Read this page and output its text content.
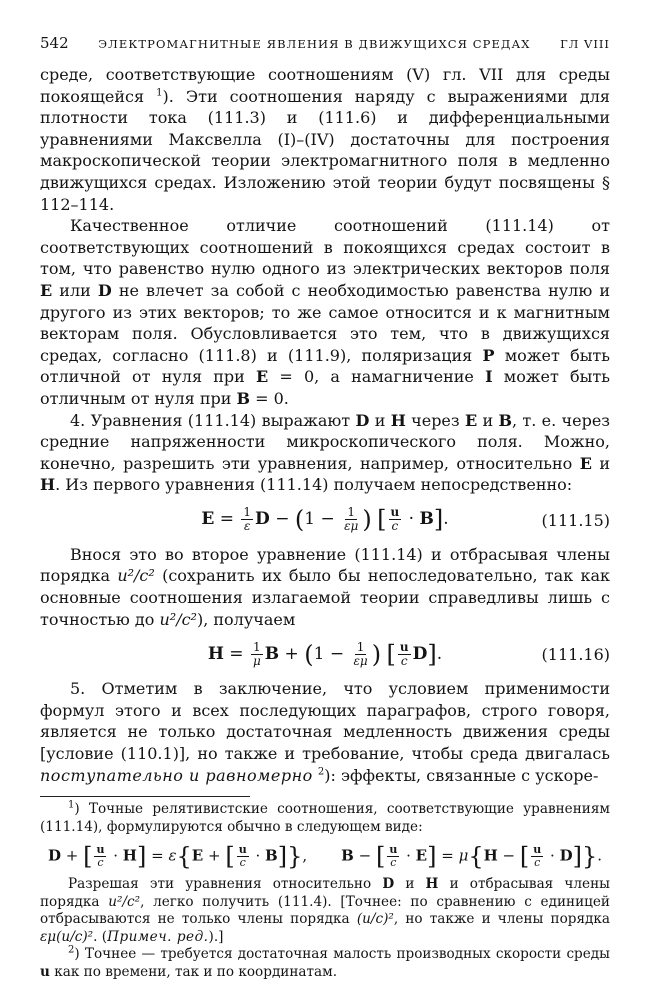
542	ЭЛЕКТРОМАГНИТНЫЕ ЯВЛЕНИЯ В ДВИЖУЩИХСЯ СРЕДАХ	ГЛ VIII

среде, соответствующие соотношениям (V) гл. VII для среды покоящейся $^1$). Эти соотношения наряду с выражениями для плотности тока (111.3) и (111.6) и дифференциальными уравнениями Максвелла (I)–(IV) достаточны для построения макроскопической теории электромагнитного поля в медленно движущихся средах. Изложению этой теории будут посвящены § 112–114.

Качественное отличие соотношений (111.14) от соответствующих соотношений в покоящихся средах состоит в том, что равенство нулю одного из электрических векторов поля E или D не влечет за собой с необходимостью равенства нулю и другого из этих векторов; то же самое относится и к магнитным векторам поля. Обусловливается это тем, что в движущихся средах, согласно (111.8) и (111.9), поляризация P может быть отличной от нуля при E = 0, а намагничение I может быть отличным от нуля при B = 0.

4. Уравнения (111.14) выражают D и H через E и B, т. е. через средние напряженности микроскопического поля. Можно, конечно, разрешить эти уравнения, например, относительно E и H. Из первого уравнения (111.14) получаем непосредственно:

$E = \frac{1}{\varepsilon}$ $D - (1 - \frac{1}{\varepsilon\mu}$ ) [ $\frac{u}{c} \cdot B$].	(111.15)

Внося это во второе уравнение (111.14) и отбрасывая члены порядка u²/c² (сохранить их было бы непоследовательно, так как основные соотношения излагаемой теории справедливы лишь с точностью до u²/c²), получаем

$H = \frac{1}{\mu}$ $B + (1 - \frac{1}{\varepsilon\mu}$ ) [ $\frac{u}{c} D$].	(111.16)

5. Отметим в заключение, что условием применимости формул этого и всех последующих параграфов, строго говоря, является не только достаточная медленность движения среды [условие (110.1)], но также и требование, чтобы среда двигалась поступательно и равномерно $^2$): эффекты, связанные с ускоре-

$^1$) Точные релятивистские соотношения, соответствующие уравнениям (111.14), формулируются обычно в следующем виде:

D + [ $\frac{u}{c} \cdot H] = \varepsilon\{E$ + [ $\frac{u}{c} \cdot B$]}, B − [ $\frac{u}{c} \cdot E] = \mu\{H$ − [ $\frac{u}{c} \cdot D$]}.

Разрешая эти уравнения относительно D и H и отбрасывая члены порядка u²/c², легко получить (111.4). [Точнее: по сравнению с единицей отбрасываются не только члены порядка (u/c)², но также и члены порядка εμ(u/c)². (Примеч. ред.).]

$^2$) Точнее — требуется достаточная малость производных скорости среды u как по времени, так и по координатам.
